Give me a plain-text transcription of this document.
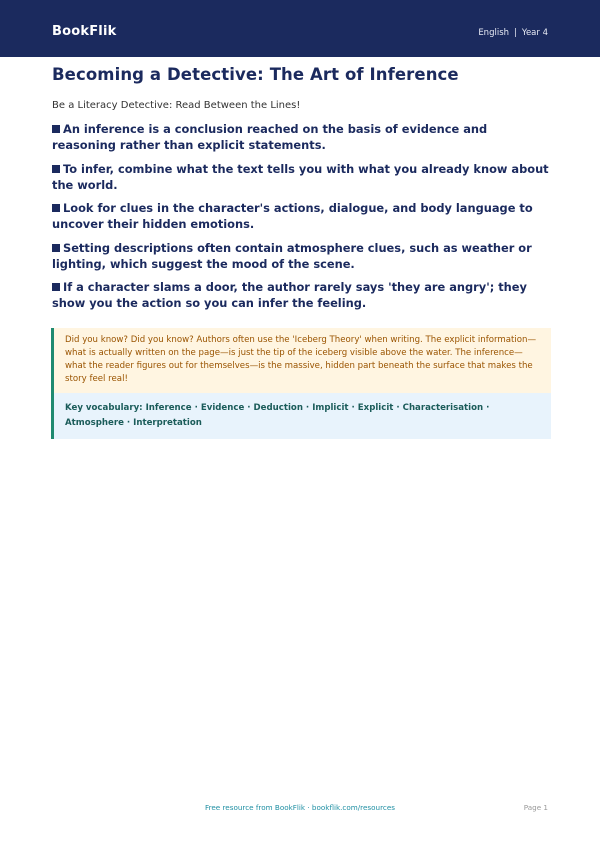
BookFlik	English | Year 4
Becoming a Detective: The Art of Inference

Be a Literacy Detective: Read Between the Lines!

An inference is a conclusion reached on the basis of evidence and reasoning rather than explicit statements.
To infer, combine what the text tells you with what you already know about the world.
Look for clues in the character's actions, dialogue, and body language to uncover their hidden emotions.
Setting descriptions often contain atmosphere clues, such as weather or lighting, which suggest the mood of the scene.
If a character slams a door, the author rarely says 'they are angry'; they show you the action so you can infer the feeling.
Did you know? Did you know? Authors often use the 'Iceberg Theory' when writing. The explicit information—what is actually written on the page—is just the tip of the iceberg visible above the water. The inference—what the reader figures out for themselves—is the massive, hidden part beneath the surface that makes the story feel real!
Key vocabulary: Inference · Evidence · Deduction · Implicit · Explicit · Characterisation · Atmosphere · Interpretation
Free resource from BookFlik · bookflik.com/resources	Page 1
